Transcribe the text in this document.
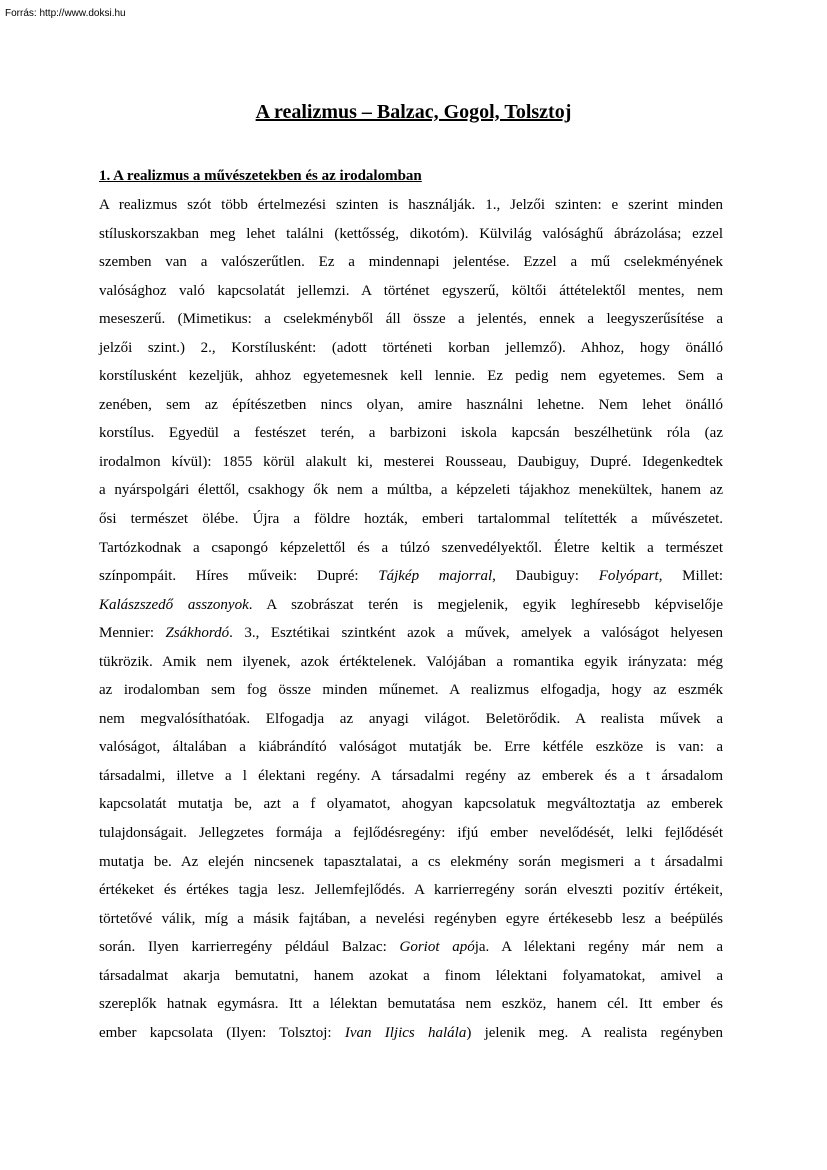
Forrás: http://www.doksi.hu
A realizmus – Balzac, Gogol, Tolsztoj
1. A realizmus a művészetekben és az irodalomban
A realizmus szót több értelmezési szinten is használják. 1., Jelzői szinten: e szerint minden
stíluskorszakban meg lehet találni (kettősség, dikotóm). Külvilág valósághű ábrázolása; ezzel
szemben van a valószerűtlen. Ez a mindennapi jelentése. Ezzel a mű cselekményének
valósághoz való kapcsolatát jellemzi. A történet egyszerű, költői áttételektől mentes, nem
meseszerű. (Mimetikus: a cselekményből áll össze a jelentés, ennek a leegyszerűsítése a
jelzői szint.) 2., Korstílusként: (adott történeti korban jellemző). Ahhoz, hogy önálló
korstílusként kezeljük, ahhoz egyetemesnek kell lennie. Ez pedig nem egyetemes. Sem a
zenében, sem az építészetben nincs olyan, amire használni lehetne. Nem lehet önálló
korstílus. Egyedül a festészet terén, a barbizoni iskola kapcsán beszélhetünk róla (az
irodalmon kívül): 1855 körül alakult ki, mesterei Rousseau, Daubiguy, Dupré. Idegenkedtek
a nyárspolgári élettől, csakhogy ők nem a múltba, a képzeleti tájakhoz menekültek, hanem az
ősi természet ölébe. Újra a földre hozták, emberi tartalommal telítették a művészetet.
Tartózkodnak a csapongó képzelettől és a túlzó szenvedélyektől. Életre keltik a természet
színpompáit. Híres műveik: Dupré: Tájkép majorral, Daubiguy: Folyópart, Millet:
Kalászszedő asszonyok. A szobrászat terén is megjelenik, egyik leghíresebb képviselője
Mennier: Zsákhordó. 3., Esztétikai szintként azok a művek, amelyek a valóságot helyesen
tükrözik. Amik nem ilyenek, azok értéktelenek. Valójában a romantika egyik irányzata: még
az irodalomban sem fog össze minden műnemet. A realizmus elfogadja, hogy az eszmék
nem megvalósíthatóak. Elfogadja az anyagi világot. Beletörődik. A realista művek a
valóságot, általában a kiábrándító valóságot mutatják be. Erre kétféle eszköze is van: a
társadalmi, illetve a l élektani regény. A társadalmi regény az emberek és a t ársadalom
kapcsolatát mutatja be, azt a f olyamatot, ahogyan kapcsolatuk megváltoztatja az emberek
tulajdonságait. Jellegzetes formája a fejlődésregény: ifjú ember nevelődését, lelki fejlődését
mutatja be. Az elején nincsenek tapasztalatai, a cs elekmény során megismeri a t ársadalmi
értékeket és értékes tagja lesz. Jellemfejlődés. A karrierregény során elveszti pozitív értékeit,
törtetővé válik, míg a másik fajtában, a nevelési regényben egyre értékesebb lesz a beépülés
során. Ilyen karrierregény például Balzac: Goriot apója. A lélektani regény már nem a
társadalmat akarja bemutatni, hanem azokat a finom lélektani folyamatokat, amivel a
szereplők hatnak egymásra. Itt a lélektan bemutatása nem eszköz, hanem cél. Itt ember és
ember kapcsolata (Ilyen: Tolsztoj: Ivan Iljics halála) jelenik meg. A realista regényben
